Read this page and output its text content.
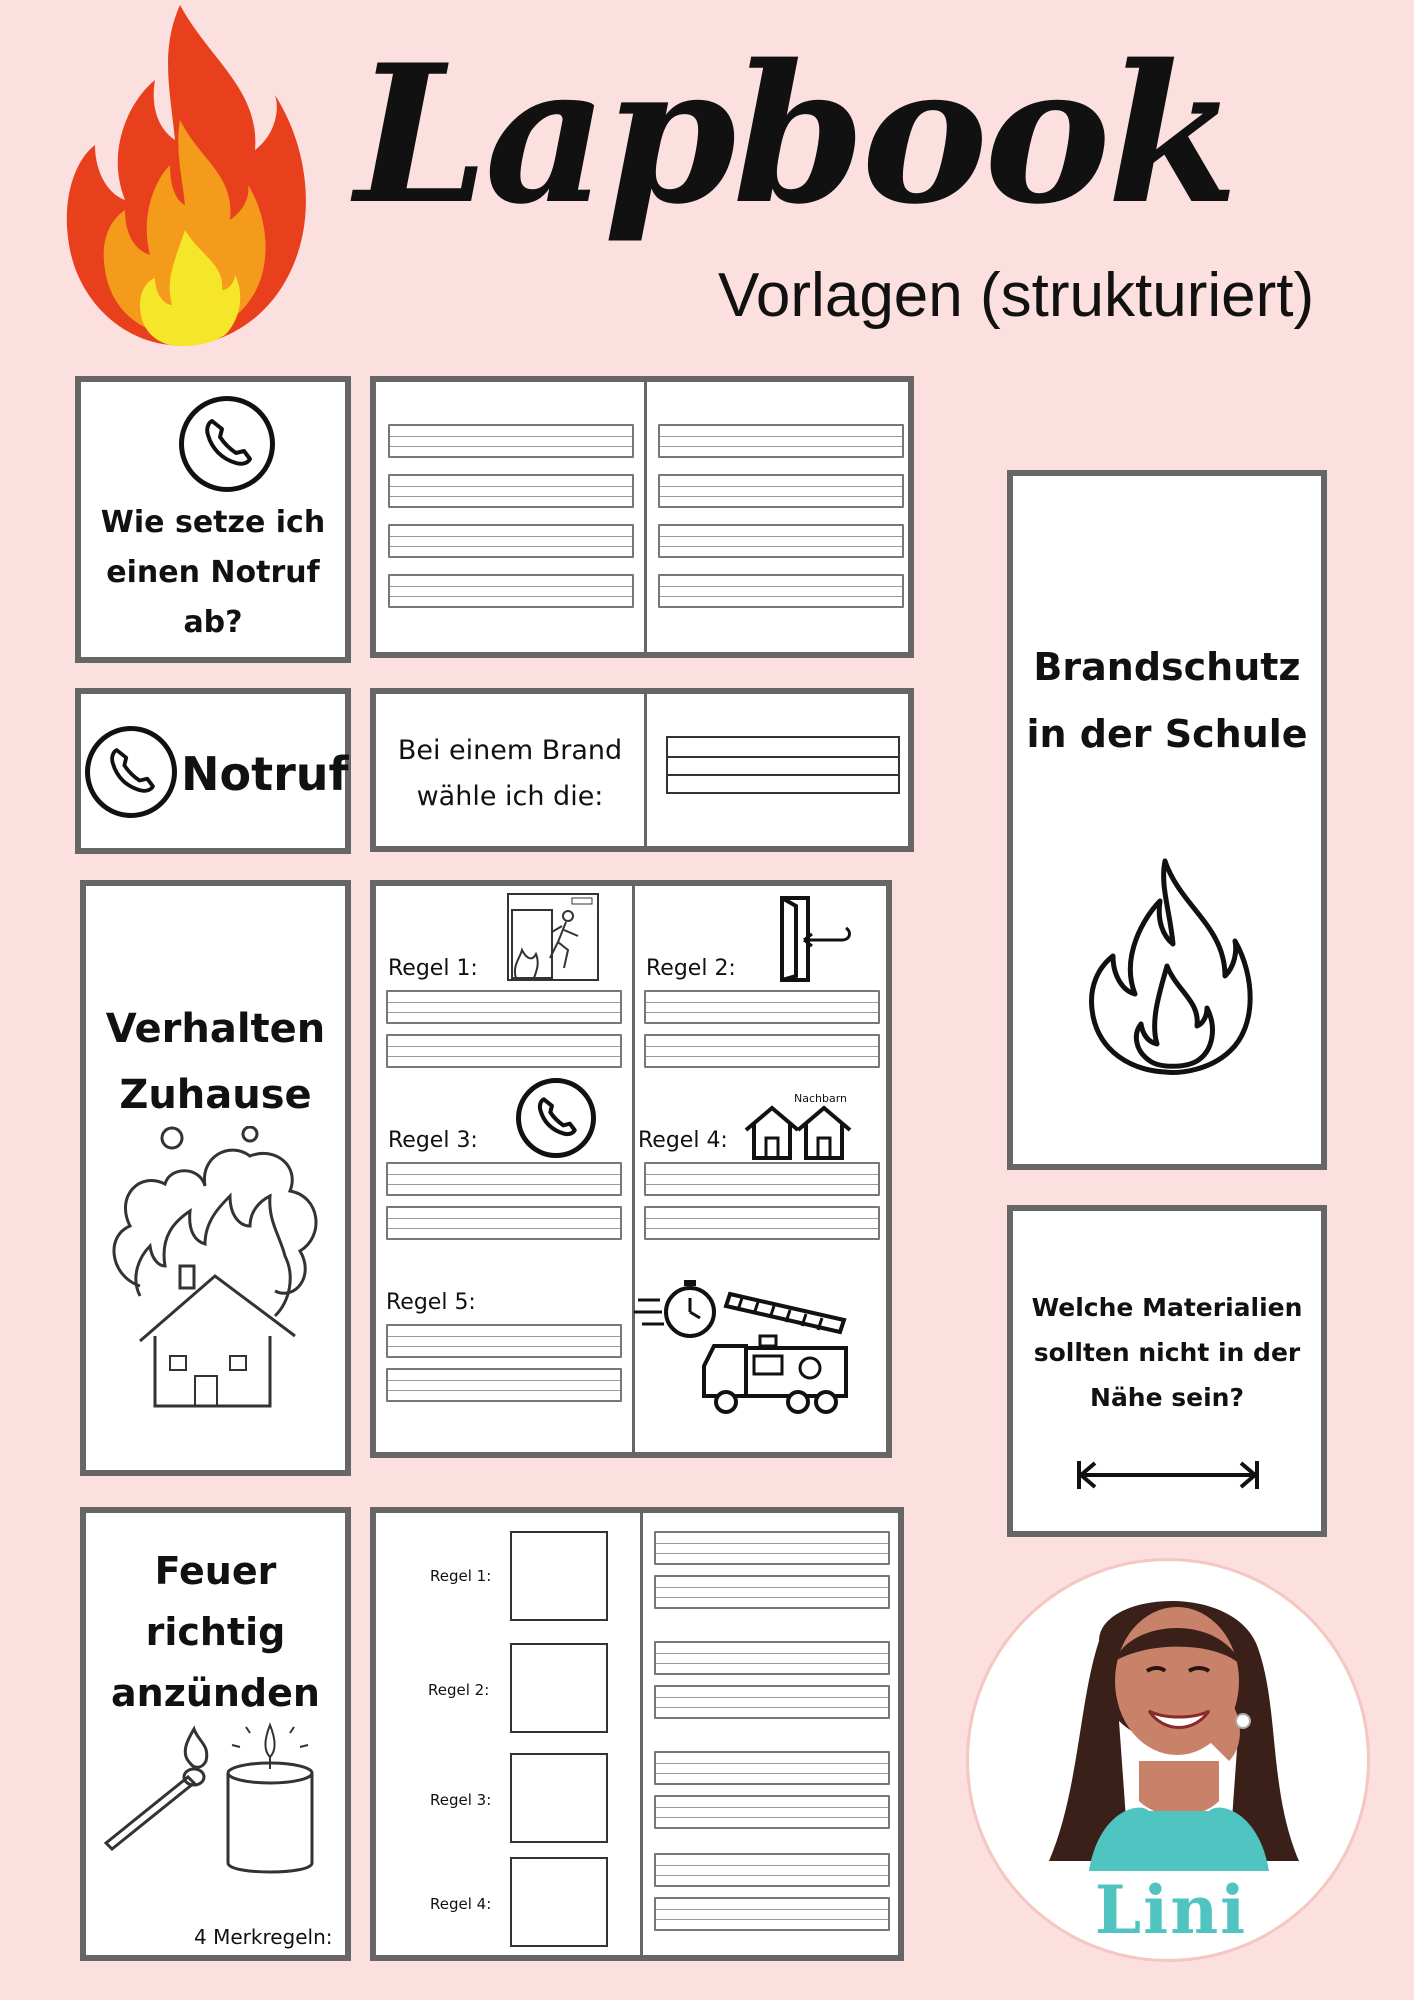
Lapbook
Vorlagen (strukturiert)
Wie setze ich einen Notruf ab?
Notruf	Bei einem Brand wähle ich die:
Brandschutz in der Schule
Verhalten Zuhause
Regel 1:	Regel 2:
Regel 3:
Nachbarn
Regel 4:
Regel 5:	Welche Materialien sollten nicht in der Nähe sein?
Feuer richtig anzünden
4 Merkregeln:
Regel 1:
Regel 2:
Regel 3:
Regel 4:	Lini
